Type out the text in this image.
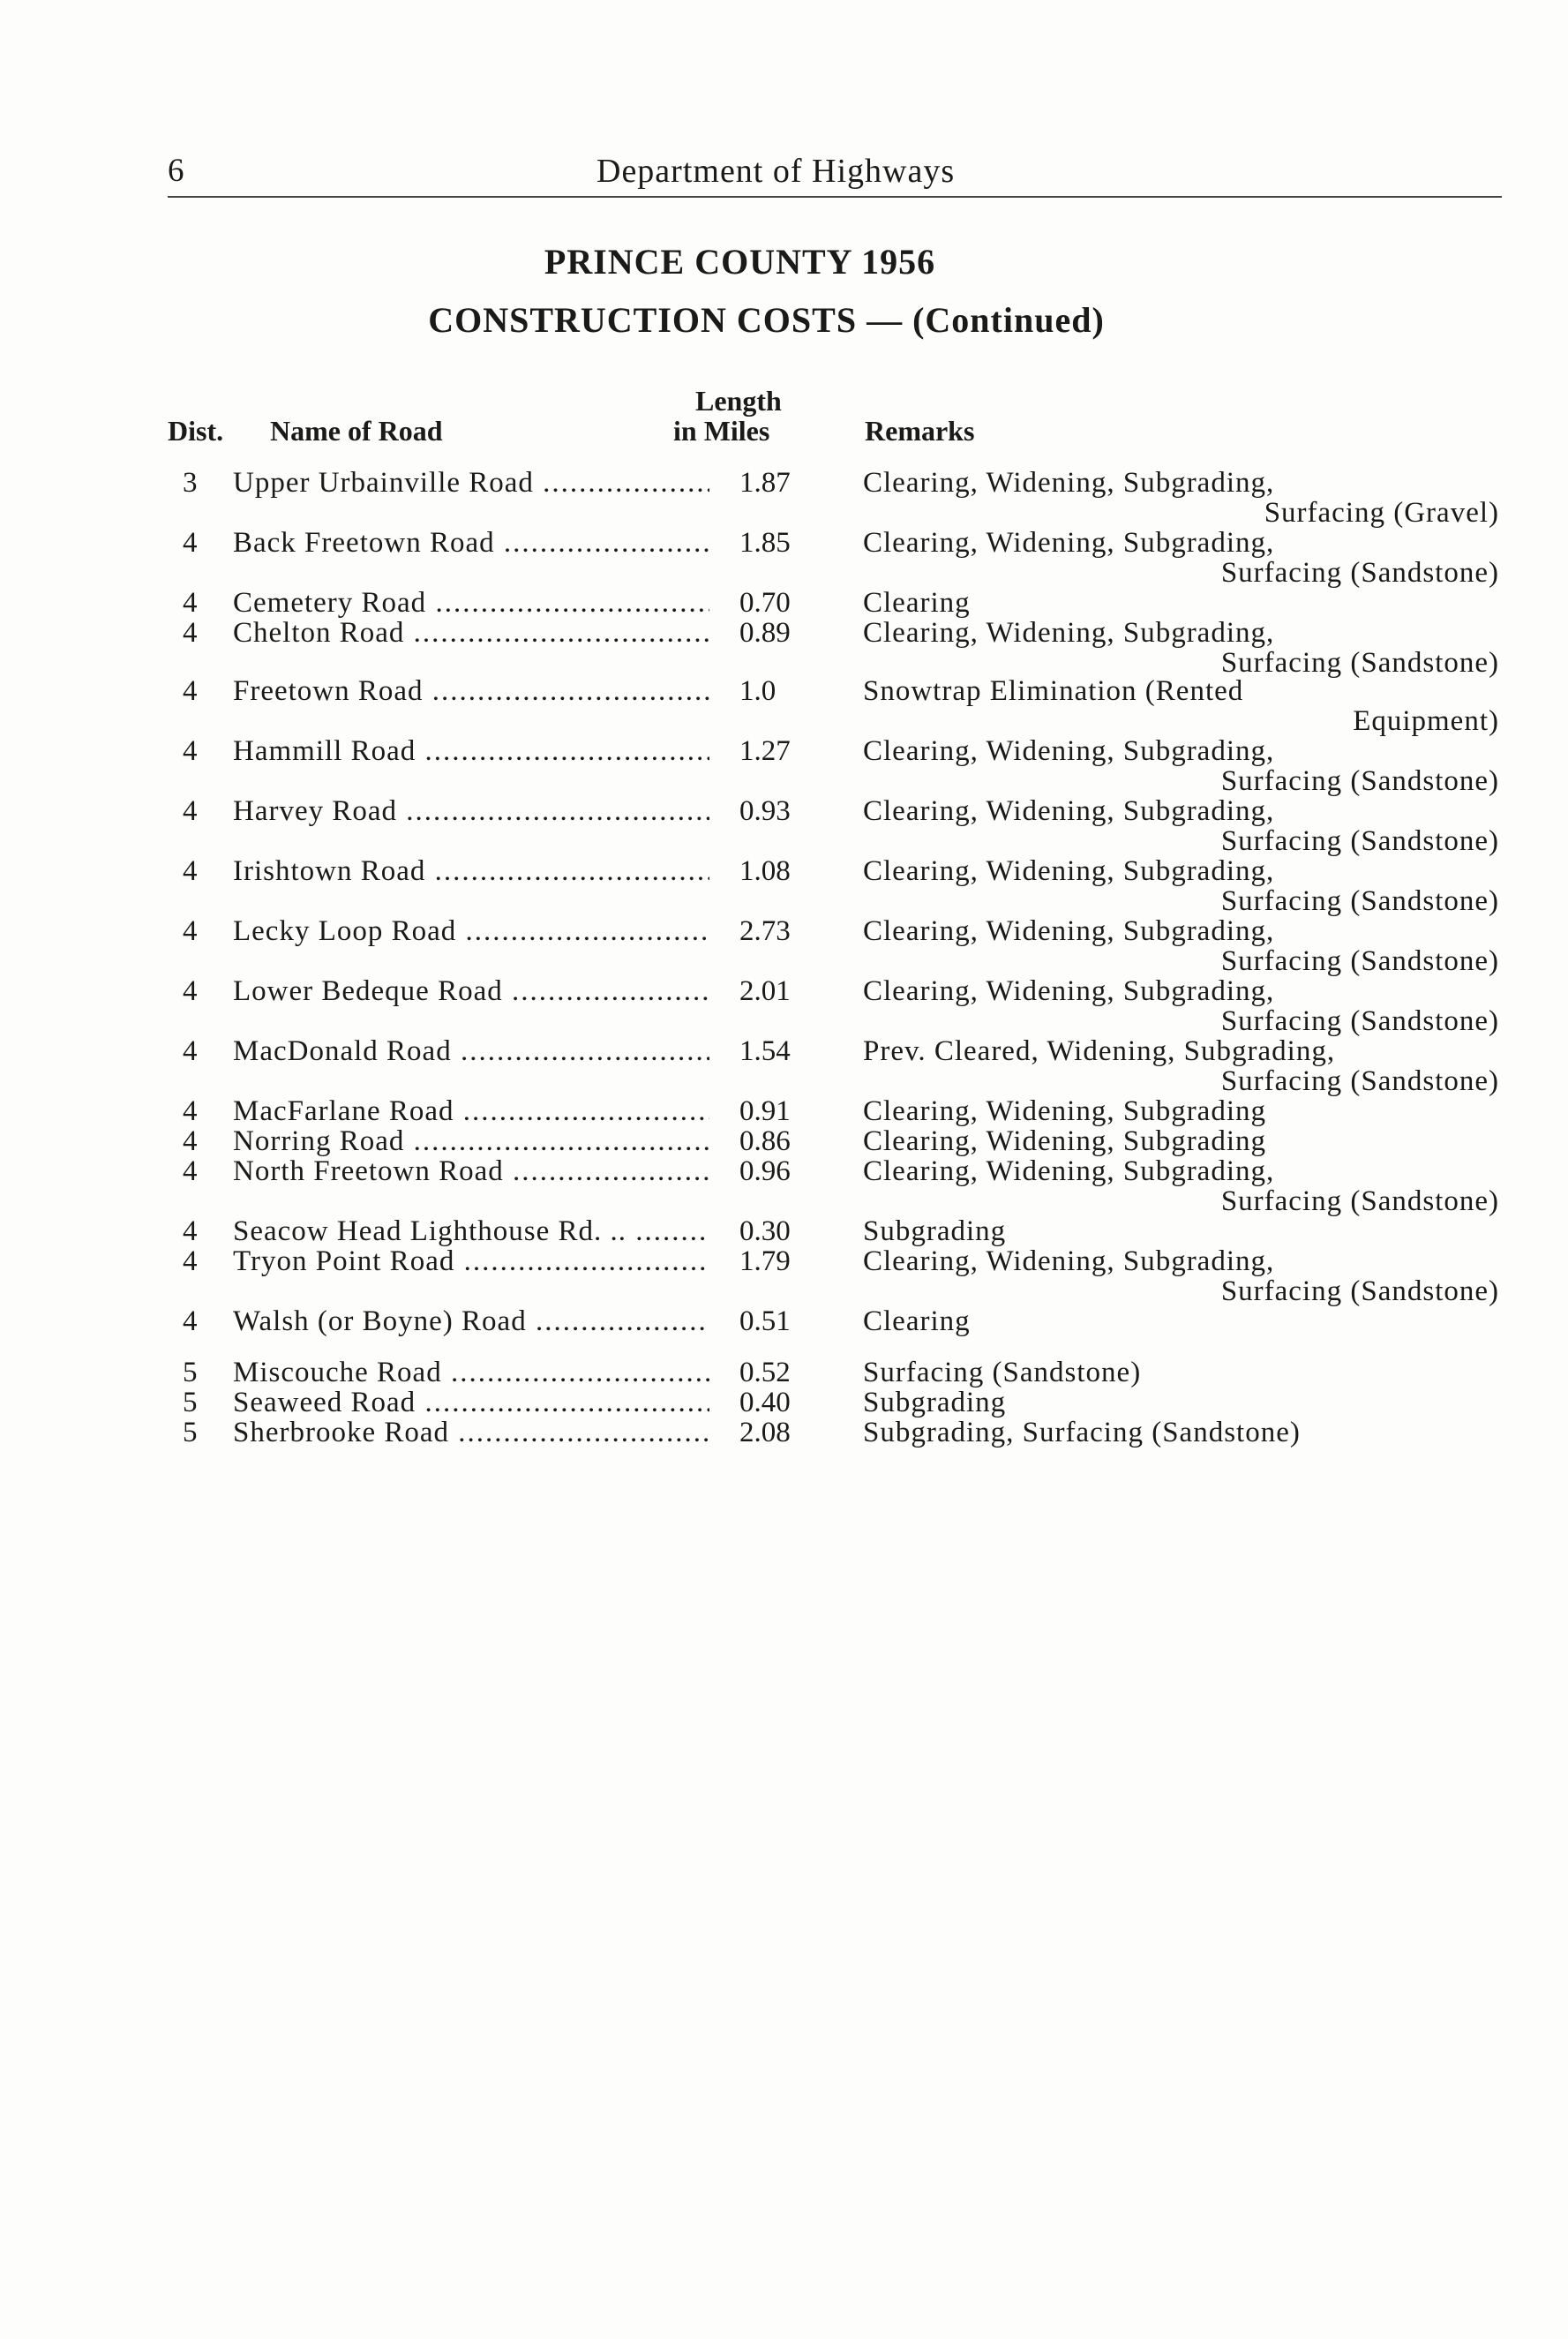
6	Department of Highways
PRINCE COUNTY 1956
CONSTRUCTION COSTS — (Continued)
Dist. Name of Road
Length
in Miles	Remarks
3 Upper Urbainville Road .....	1.87 Clearing, Widening, Subgrading,
Surfacing (Gravel)
4 Back Freetown Road .....	1.85 Clearing, Widening, Subgrading,
Surfacing (Sandstone)
4 Cemetery Road .....	0.70 Clearing
4 Chelton Road .....	0.89 Clearing, Widening, Subgrading,
Surfacing (Sandstone)
4 Freetown Road .....	1.0	Snowtrap Elimination (Rented
Equipment)
4 Hammill Road .....	1.27 Clearing, Widening, Subgrading,
Surfacing (Sandstone)
4 Harvey Road .....	0.93 Clearing, Widening, Subgrading,
Surfacing (Sandstone)
4 Irishtown Road .....	1.08 Clearing, Widening, Subgrading,
Surfacing (Sandstone)
4 Lecky Loop Road .....	2.73 Clearing, Widening, Subgrading,
Surfacing (Sandstone)
4 Lower Bedeque Road .....	2.01 Clearing, Widening, Subgrading,
Surfacing (Sandstone)
4 MacDonald Road .....	1.54 Prev. Cleared, Widening, Subgrading,
Surfacing (Sandstone)
4 MacFarlane Road .....	0.91 Clearing, Widening, Subgrading
4 Norring Road .....	0.86 Clearing, Widening, Subgrading
4 North Freetown Road .....	0.96 Clearing, Widening, Subgrading,
Surfacing (Sandstone)
4 Seacow Head Lighthouse Rd. .. .....	0.30 Subgrading
4 Tryon Point Road .....	1.79 Clearing, Widening, Subgrading,
Surfacing (Sandstone)
4 Walsh (or Boyne) Road .....	0.51 Clearing
5 Miscouche Road .....	0.52 Surfacing (Sandstone)
5 Seaweed Road .....	0.40 Subgrading
5 Sherbrooke Road .....	2.08 Subgrading, Surfacing (Sandstone)
